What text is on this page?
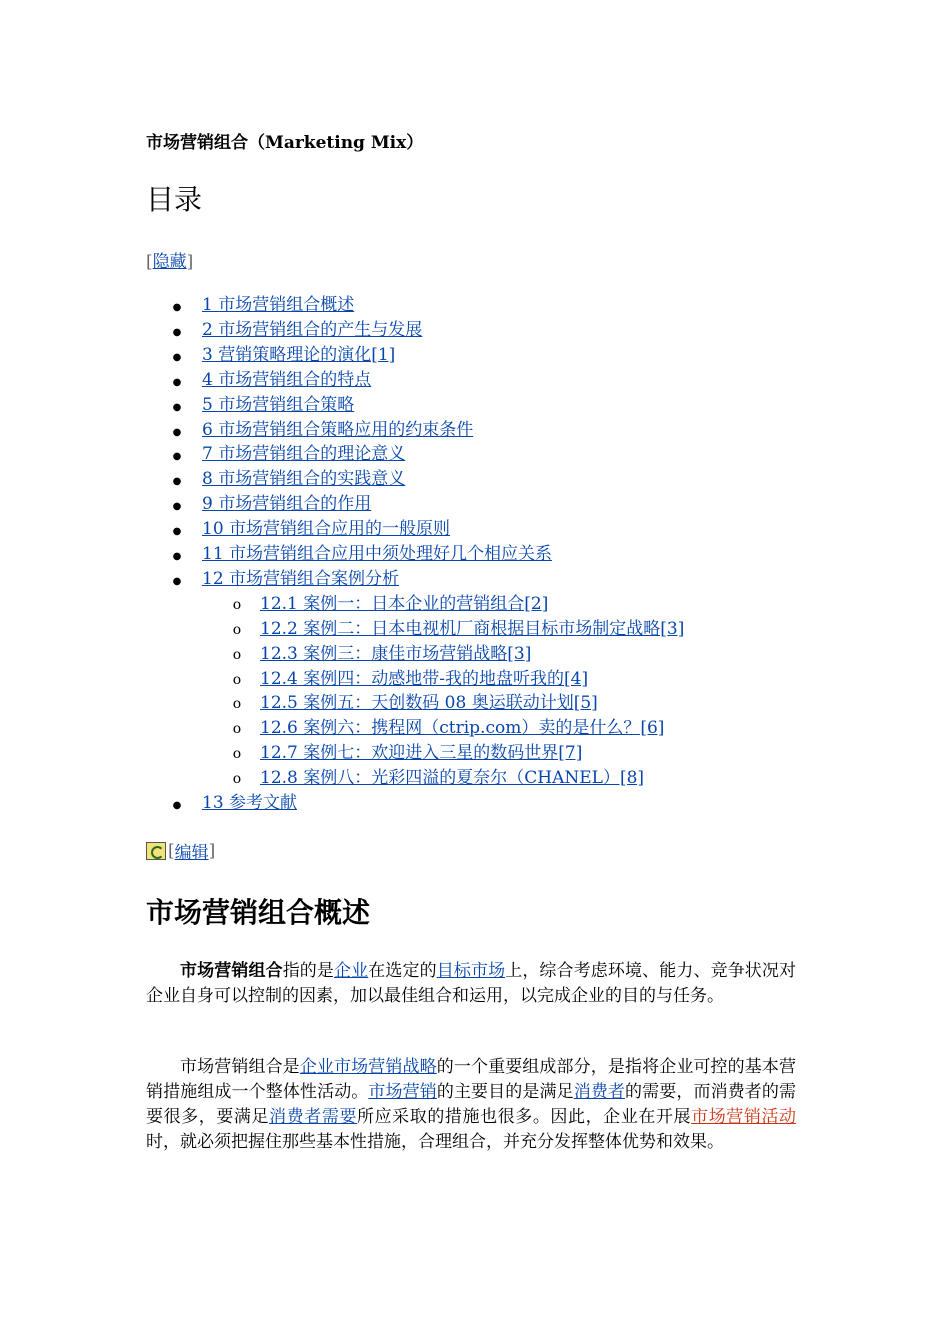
市场营销组合（Marketing Mix）
目录
[隐藏]
●
1 市场营销组合概述
●
2 市场营销组合的产生与发展
●
3 营销策略理论的演化[1]
●
4 市场营销组合的特点
●
5 市场营销组合策略
●
6 市场营销组合策略应用的约束条件
●
7 市场营销组合的理论意义
●
8 市场营销组合的实践意义
●
9 市场营销组合的作用
●
10 市场营销组合应用的一般原则
●
11 市场营销组合应用中须处理好几个相应关系
●
12 市场营销组合案例分析
o
12.1 案例一：日本企业的营销组合[2]
o
12.2 案例二：日本电视机厂商根据目标市场制定战略[3]
o
12.3 案例三：康佳市场营销战略[3]
o
12.4 案例四：动感地带-我的地盘听我的[4]
o
12.5 案例五：天创数码 08 奥运联动计划[5]
o
12.6 案例六：携程网（ctrip.com）卖的是什么？[6]
o
12.7 案例七：欢迎进入三星的数码世界[7]
o
12.8 案例八：光彩四溢的夏奈尔（CHANEL）[8]
●
13 参考文献
[ 编辑 ]
市场营销组合概述

市场营销组合指的是企业在选定的目标市场上，综合考虑环境、能力、竞争状况对企业自身可以控制的因素，加以最佳组合和运用，以完成企业的目的与任务。

市场营销组合是企业市场营销战略的一个重要组成部分，是指将企业可控的基本营销措施组成一个整体性活动。市场营销的主要目的是满足消费者的需要，而消费者的需要很多，要满足消费者需要所应采取的措施也很多。因此，企业在开展市场营销活动时，就必须把握住那些基本性措施，合理组合，并充分发挥整体优势和效果。
